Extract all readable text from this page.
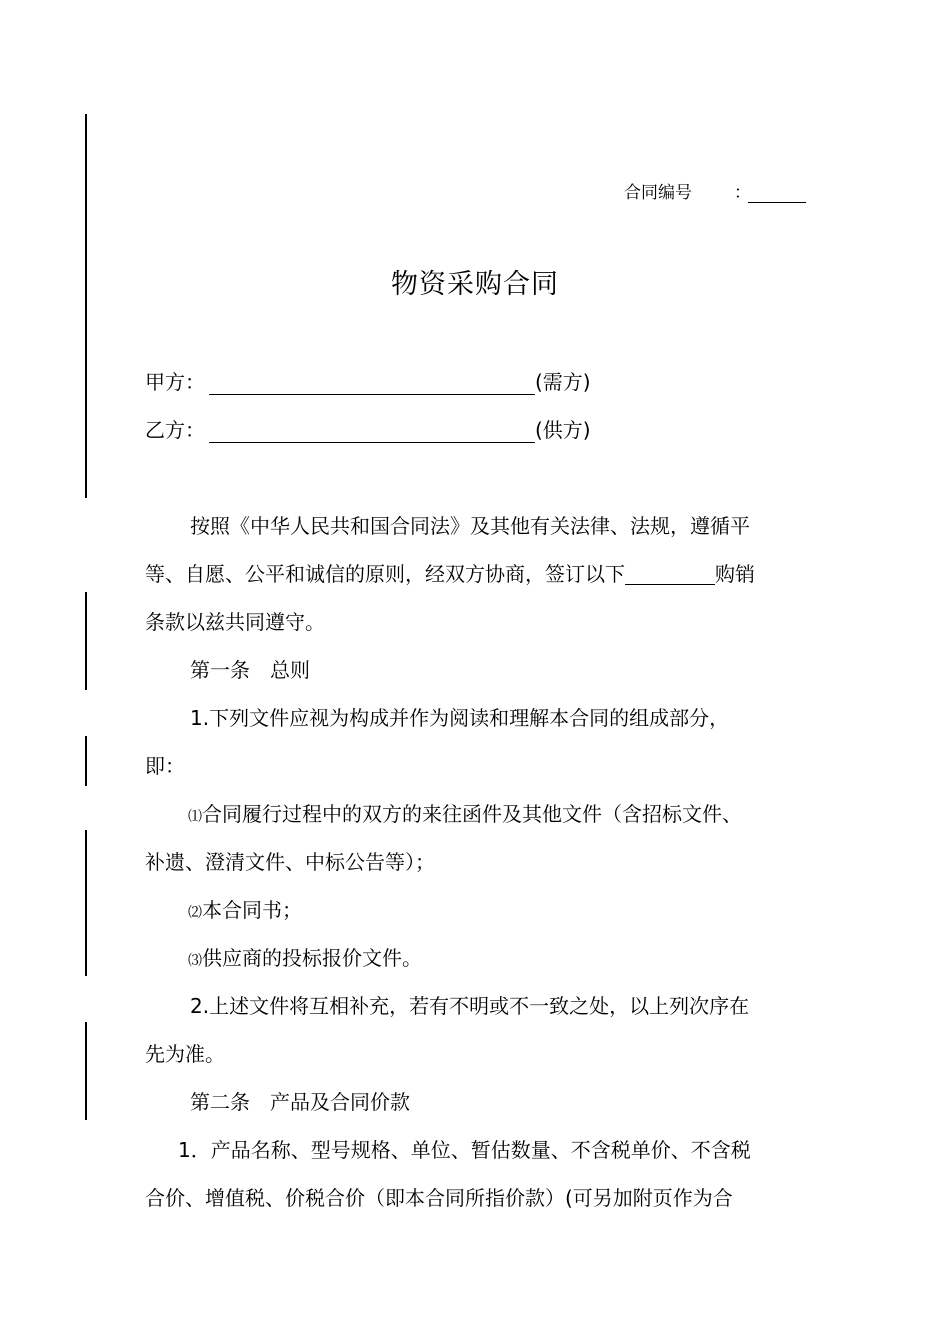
合同编号 ：
物资采购合同
甲方：	(需方)
乙方：	(供方)
按照《中华人民共和国合同法》及其他有关法律、法规，遵循平
等、自愿、公平和诚信的原则，经双方协商，签订以下	购销
条款以兹共同遵守。
第一条　总则
1.下列文件应视为构成并作为阅读和理解本合同的组成部分，
即：
⑴合同履行过程中的双方的来往函件及其他文件（含招标文件、
补遗、澄清文件、中标公告等）；
⑵本合同书；
⑶供应商的投标报价文件。
2.上述文件将互相补充，若有不明或不一致之处，以上列次序在
先为准。
第二条　产品及合同价款
1．产品名称、型号规格、单位、暂估数量、不含税单价、不含税
合价、增值税、价税合价（即本合同所指价款）(可另加附页作为合
